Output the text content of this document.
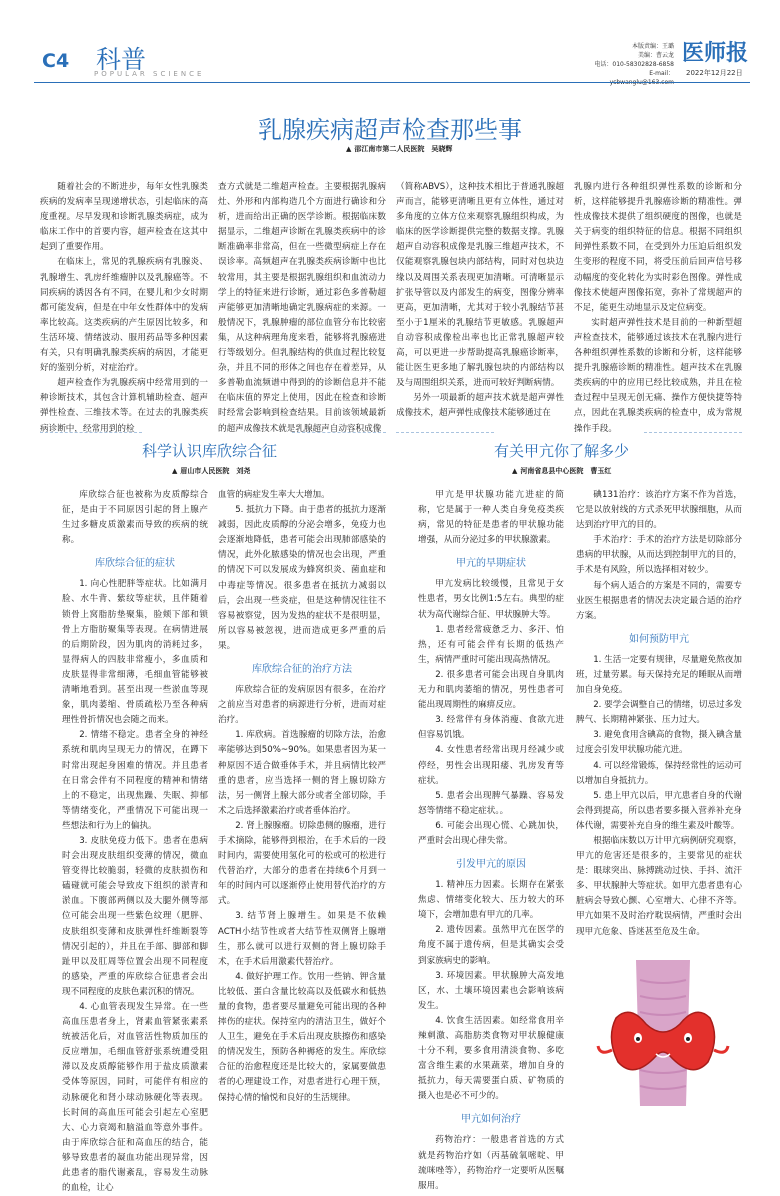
C4 科普
POPULAR SCIENCE
本版责编：王璐
美编：曹云龙
电话：010-58302828-6858
E-mail：ysbwanglu@163.com
医师报
2022年12月22日
乳腺疾病超声检查那些事
▲ 邵江南市第二人民医院　吴晓辉

随着社会的不断进步，每年女性乳腺类疾病的发病率呈现递增状态，引起临床的高度重视。尽早发现和诊断乳腺类病症，成为临床工作中的首要内容，超声检查在这其中起到了重要作用。

在临床上，常见的乳腺疾病有乳腺炎、乳腺增生、乳房纤维瘤肿以及乳腺癌等。不同疾病的诱因各有不同，在婴儿和少女时期都可能发病，但是在中年女性群体中的发病率比较高。这类疾病的产生原因比较多，和生活环境、情绪波动、服用药品等多种因素有关，只有明确乳腺类疾病的病因，才能更好的鉴别分析，对症治疗。

超声检查作为乳腺疾病中经常用到的一种诊断技术，其包含计算机辅助检查、超声弹性检查、三维技术等。在过去的乳腺类疾病诊断中，经常用到的检

查方式就是二维超声检查。主要根据乳腺病灶、外形和内部构造几个方面进行确诊和分析，进而给出正确的医学诊断。根据临床数据显示，二维超声诊断在乳腺类疾病中的诊断准确率非常高，但在一些微型病症上存在误诊率。高频超声在乳腺类疾病诊断中也比较常用，其主要是根据乳腺组织和血流动力学上的特征来进行诊断，通过彩色多普勒超声能够更加清晰地确定乳腺病症的来源。一般情况下，乳腺肿瘤的部位血管分布比较密集，从这种病理角度来看，能够将乳腺癌进行等级划分。但乳腺结构的供血过程比较复杂，并且不同的形体之间也存在着差异，从多普勒血流频谱中得到的的诊断信息并不能在临床值的界定上使用，因此在检查和诊断时经常会影响到检查结果。目前该领域最新的超声成像技术就是乳腺超声自动容积成像

（简称ABVS），这种技术相比于普通乳腺超声而言，能够更清晰且更有立体性，通过对多角度的立体方位来观察乳腺组织构成，为临床的医学诊断提供完整的数据支撑。乳腺超声自动容积成像是乳腺三维超声技术，不仅能观察乳腺包块内部结构，同时对包块边缘以及周围关系表现更加清晰。可清晰显示扩张导管以及内部发生的病变，图像分辨率更高，更加清晰，尤其对于较小乳腺结节甚至小于1厘米的乳腺结节更敏感。乳腺超声自动容积成像检出率也比正常乳腺超声较高，可以更进一步帮助提高乳腺癌诊断率，能让医生更多地了解乳腺包块的内部结构以及与周围组织关系，进而可较好判断病情。

另外一项最新的超声技术就是超声弹性成像技术，超声弹性成像技术能够通过在

乳腺内进行各种组织弹性系数的诊断和分析，这样能够提升乳腺癌诊断的精准性。弹性成像技术提供了组织硬度的图像，也就是关于病变的组织特征的信息。根据不同组织间弹性系数不同，在受到外力压迫后组织发生变形的程度不同，将受压前后回声信号移动幅度的变化转化为实时彩色图像。弹性成像技术使超声图像拓宽，弥补了常规超声的不足，能更生动地显示及定位病变。

实时超声弹性技术是目前的一种新型超声检查技术，能够通过该技术在乳腺内进行各种组织弹性系数的诊断和分析，这样能够提升乳腺癌诊断的精准性。超声技术在乳腺类疾病的中的应用已经比较成熟，并且在检查过程中呈现无创无痛、操作方便快捷等特点，因此在乳腺类疾病的检查中，成为常规操作手段。

科学认识库欣综合征
▲ 眉山市人民医院　刘尧

库欣综合征也被称为皮质醇综合征，是由于不同原因引起的肾上腺产生过多糖皮质激素而导致的疾病的统称。

库欣综合征的症状

1. 向心性肥胖等症状。比如满月脸、水牛背、紫纹等症状，且伴随着锁骨上窝脂肪垫聚集，脸颊下部和锁骨上方脂肪聚集等表现。在病情进展的后期阶段，因为肌肉的消耗过多，显得病人的四肢非常瘦小，多血质和皮肤显得非常细薄，毛细血管能够被清晰地看到。甚至出现一些淤血等现象，肌肉萎缩、骨质疏松乃至各种病理性骨折情况也会随之而来。

2. 情绪不稳定。患者全身的神经系统和肌肉呈现无力的情况，在蹲下时常出现起身困难的情况。并且患者在日常会伴有不同程度的精神和情绪上的不稳定，出现焦躁、失眠、抑郁等情绪变化，严重情况下可能出现一些想法和行为上的偏执。

3. 皮肤免疫力低下。患者在患病时会出现皮肤组织变薄的情况，微血管变得比较脆弱，轻微的皮肤损伤和磕碰就可能会导致皮下组织的淤青和淤血。下腹部两侧以及大腿外侧等部位可能会出现一些紫色纹理（肥胖、皮肤组织变薄和皮肤弹性纤维断裂等情况引起的），并且在手部、脚部和脚趾甲以及肛周等位置会出现不同程度的感染，严重的库欣综合征患者会出现不同程度的皮肤色素沉积的情况。

4. 心血管表现发生异常。在一些高血压患者身上，肾素血管紧张素系统被活化后，对血管活性物质加压的反应增加，毛细血管舒张系统遭受阻滞以及皮质醇能够作用于盐皮质激素受体等原因，同时，可能伴有相应的动脉硬化和肾小球动脉硬化等表现。长时间的高血压可能会引起左心室肥大、心力衰竭和脑溢血等意外事件。由于库欣综合征和高血压的结合，能够导致患者的凝血功能出现异常，因此患者的脂代谢紊乱，容易发生动脉的血栓，让心

血管的病症发生率大大增加。

5. 抵抗力下降。由于患者的抵抗力逐渐减弱，因此皮质醇的分泌会增多，免疫力也会逐渐地降低，患者可能会出现肺部感染的情况，此外化脓感染的情况也会出现，严重的情况下可以发展成为蜂窝织炎、菌血症和中毒症等情况。很多患者在抵抗力减弱以后，会出现一些炎症，但是这种情况往往不容易被察觉，因为发热的症状不是很明显，所以容易被忽视，进而造成更多严重的后果。

库欣综合征的治疗方法

库欣综合征的发病原因有很多，在治疗之前应当对患者的病源进行分析，进而对症治疗。

1. 库欣病。首选腺瘤的切除方法，治愈率能够达到50%~90%。如果患者因为某一种原因不适合做垂体手术，并且病情比较严重的患者，应当选择一侧的肾上腺切除方法，另一侧肾上腺大部分或者全部切除，手术之后选择激素治疗或者垂体治疗。

2. 肾上腺腺瘤。切除患侧的腺瘤，进行手术摘除，能够得到根治，在手术后的一段时间内，需要使用氢化可的松或可的松进行代替治疗，大部分的患者在持续6个月到一年的时间内可以逐渐停止使用替代治疗的方式。

3. 结节肾上腺增生。如果是不依赖ACTH小结节性或者大结节性双侧肾上腺增生，那么就可以进行双侧的肾上腺切除手术，在手术后用激素代替治疗。

4. 做好护理工作。饮用一些钠、钾含量比较低、蛋白含量比较高以及低碳水和低热量的食物，患者要尽量避免可能出现的各种摔伤的症状。保持室内的清洁卫生，做好个人卫生，避免在手术后出现皮肤擦伤和感染的情况发生，预防各种褥疮的发生。库欣综合征的治愈程度还是比较大的，家属要做患者的心理建设工作，对患者进行心理干预，保持心情的愉悦和良好的生活规律。

有关甲亢你了解多少
▲ 河南省息县中心医院　曹玉红

甲亢是甲状腺功能亢进症的简称，它是属于一种人类自身免疫类疾病，常见的特征是患者的甲状腺功能增强，从而分泌过多的甲状腺激素。

甲亢的早期症状

甲亢发病比较缓慢，且常见于女性患者，男女比例1:5左右。典型的症状为高代谢综合征、甲状腺肿大等。

1. 患者经常疲惫乏力、多汗、怕热，还有可能会伴有长期的低热产生，病情严重时可能出现高热情况。

2. 很多患者可能会出现自身肌肉无力和肌肉萎缩的情况，男性患者可能出现周期性的麻痹反应。

3. 经常伴有身体消瘦、食欲亢进但容易饥饿。

4. 女性患者经常出现月经减少或停经，男性会出现阳痿、乳房发育等症状。

5. 患者会出现脾气暴躁、容易发怒等情绪不稳定症状。。

6. 可能会出现心慌、心跳加快，严重时会出现心律失常。

引发甲亢的原因

1. 精神压力因素。长期存在紧张焦虑、情绪变化较大、压力较大的环境下，会增加患有甲亢的几率。

2. 遗传因素。虽然甲亢在医学的角度不属于遗传病，但是其确实会受到家族病史的影响。

3. 环境因素。甲状腺肿大高发地区，水、土壤环境因素也会影响该病发生。

4. 饮食生活因素。如经常食用辛辣刺激、高脂肪类食物对甲状腺健康十分不利，要多食用清淡食物、多吃富含维生素的水果蔬菜，增加自身的抵抗力，每天需要蛋白质、矿物质的摄入也是必不可少的。

甲亢如何治疗

药物治疗：一般患者首选的方式就是药物治疗如（丙基硫氧嘧啶、甲巯咪唑等），药物治疗一定要听从医嘱服用。

碘131治疗：该治疗方案不作为首选，它是以放射线的方式杀死甲状腺细胞，从而达到治疗甲亢的目的。

手术治疗：手术的治疗方法是切除部分患病的甲状腺，从而达到控制甲亢的目的，手术是有风险，所以选择相对较少。

每个病人适合的方案是不同的，需要专业医生根据患者的情况去决定最合适的治疗方案。

如何预防甲亢

1. 生活一定要有规律，尽量避免熬夜加班，过量劳累。每天保持充足的睡眠从而增加自身免疫。

2. 要学会调整自己的情绪，切忌过多发脾气、长期精神紧张、压力过大。

3. 避免食用含碘高的食物，摄入碘含量过度会引发甲状腺功能亢进。

4. 可以经常锻炼，保持经常性的运动可以增加自身抵抗力。

5. 患上甲亢以后，甲亢患者自身的代谢会得到提高，所以患者要多摄入营养补充身体代谢，需要补充自身的维生素及叶酸等。

根据临床数以万计甲亢病例研究观察，甲亢的危害还是很多的，主要常见的症状是：眼球突出、脉搏跳动过快、手抖、流汗多、甲状腺肿大等症状。如甲亢患者患有心脏病会导致心颤、心室增大、心律不齐等。甲亢如果不及时治疗耽误病情，严重时会出现甲亢危象、昏迷甚至危及生命。
